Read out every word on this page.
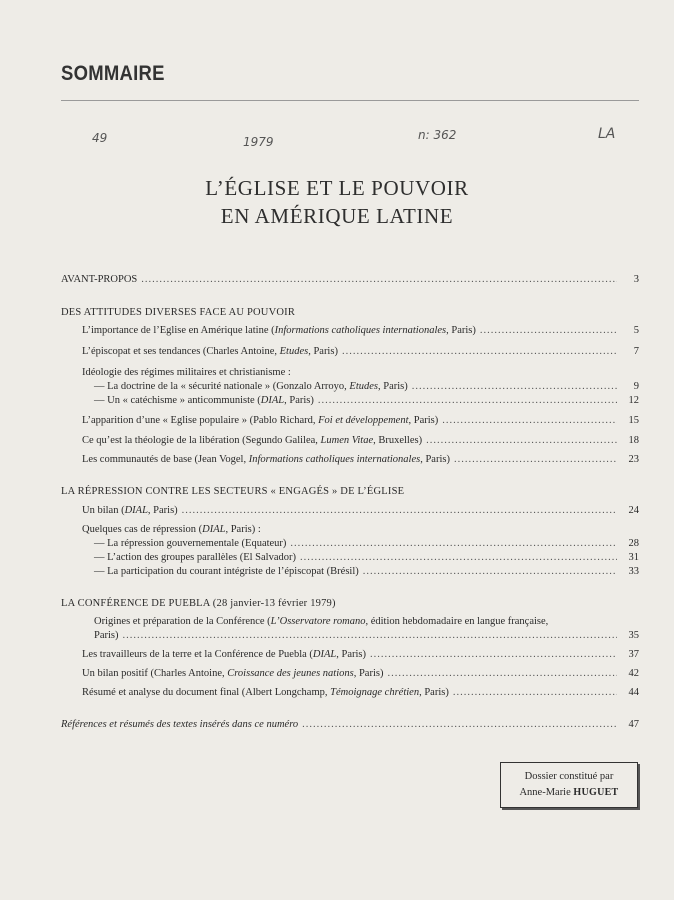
SOMMAIRE
49	1979	n: 362	LA
L’ÉGLISE ET LE POUVOIR
EN AMÉRIQUE LATINE
AVANT-PROPOS .....	3
DES ATTITUDES DIVERSES FACE AU POUVOIR
L’importance de l’Eglise en Amérique latine (Informations catholiques internationales, Paris) .....	5
L’épiscopat et ses tendances (Charles Antoine, Etudes, Paris) .....	7
Idéologie des régimes militaires et christianisme :
— La doctrine de la « sécurité nationale » (Gonzalo Arroyo, Etudes, Paris) .....	9
— Un « catéchisme » anticommuniste (DIAL, Paris) .....	12
L’apparition d’une « Eglise populaire » (Pablo Richard, Foi et développement, Paris) .....	15
Ce qu’est la théologie de la libération (Segundo Galilea, Lumen Vitae, Bruxelles) .....	18
Les communautés de base (Jean Vogel, Informations catholiques internationales, Paris) .....	23
LA RÉPRESSION CONTRE LES SECTEURS « ENGAGÉS » DE L’ÉGLISE
Un bilan (DIAL, Paris) .....	24
Quelques cas de répression (DIAL, Paris) :
— La répression gouvernementale (Equateur) .....	28
— L’action des groupes parallèles (El Salvador) .....	31
— La participation du courant intégriste de l’épiscopat (Brésil) .....	33
LA CONFÉRENCE DE PUEBLA (28 janvier-13 février 1979)
Origines et préparation de la Conférence (L’Osservatore romano, édition hebdomadaire en langue française,
Paris) .....	35
Les travailleurs de la terre et la Conférence de Puebla (DIAL, Paris) .....	37
Un bilan positif (Charles Antoine, Croissance des jeunes nations, Paris) .....	42
Résumé et analyse du document final (Albert Longchamp, Témoignage chrétien, Paris) .....	44
Références et résumés des textes insérés dans ce numéro .....	47
Dossier constitué par
Anne-Marie HUGUET
